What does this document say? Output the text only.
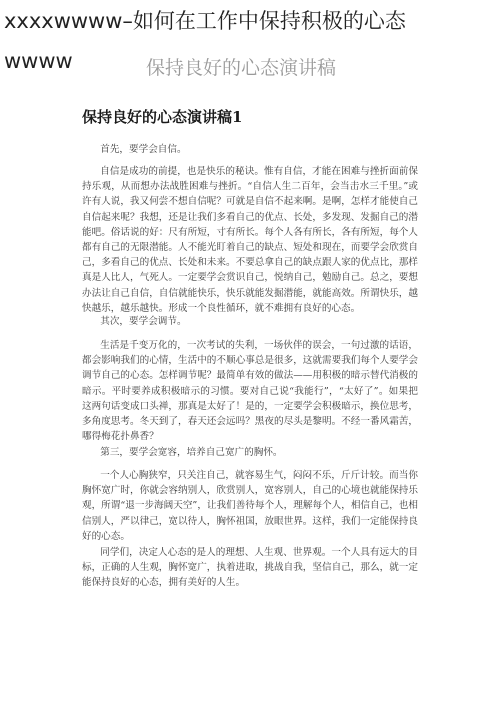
xxxxwwww–如何在工作中保持积极的心态
wwww	保持良好的心态演讲稿
保持良好的心态演讲稿1
首先，要学会自信。
自信是成功的前提，也是快乐的秘诀。惟有自信，才能在困难与挫折面前保持乐观，从而想办法战胜困难与挫折。“自信人生二百年，会当击水三千里。”或许有人说，我又何尝不想自信呢？可就是自信不起来啊。是啊，怎样才能使自己自信起来呢？我想，还是让我们多看自己的优点、长处，多发现、发掘自己的潜能吧。俗话说的好：尺有所短，寸有所长。每个人各有所长，各有所短，每个人都有自己的无限潜能。人不能光盯着自己的缺点、短处和现在，而要学会欣赏自己，多看自己的优点、长处和未来。不要总拿自己的缺点跟人家的优点比，那样真是人比人，气死人。一定要学会赏识自己，悦纳自己，勉励自己。总之，要想办法让自己自信，自信就能快乐，快乐就能发掘潜能，就能高效。所谓快乐，越快越乐，越乐越快。形成一个良性循环，就不难拥有良好的心态。
其次，要学会调节。
生活是千变万化的，一次考试的失利，一场伙伴的误会，一句过激的话语，都会影响我们的心情，生活中的不顺心事总是很多，这就需要我们每个人要学会调节自己的心态。怎样调节呢？最简单有效的做法——用积极的暗示替代消极的暗示。平时要养成积极暗示的习惯。要对自己说“我能行”，“太好了”。如果把这两句话变成口头禅，那真是太好了！是的，一定要学会积极暗示，换位思考，多角度思考。冬天到了，春天还会远吗？黑夜的尽头是黎明。不经一番风霜苦，哪得梅花扑鼻香？
第三，要学会宽容，培养自己宽广的胸怀。
一个人心胸狭窄，只关注自己，就容易生气，闷闷不乐，斤斤计较。而当你胸怀宽广时，你就会容纳别人，欣赏别人，宽容别人，自己的心境也就能保持乐观，所谓“退一步海阔天空”，让我们善待每个人，理解每个人，相信自己，也相信别人，严以律己，宽以待人，胸怀祖国，放眼世界。这样，我们一定能保持良好的心态。
同学们，决定人心态的是人的理想、人生观、世界观。一个人具有远大的目标，正确的人生观，胸怀宽广，执着进取，挑战自我，坚信自己，那么，就一定能保持良好的心态，拥有美好的人生。
